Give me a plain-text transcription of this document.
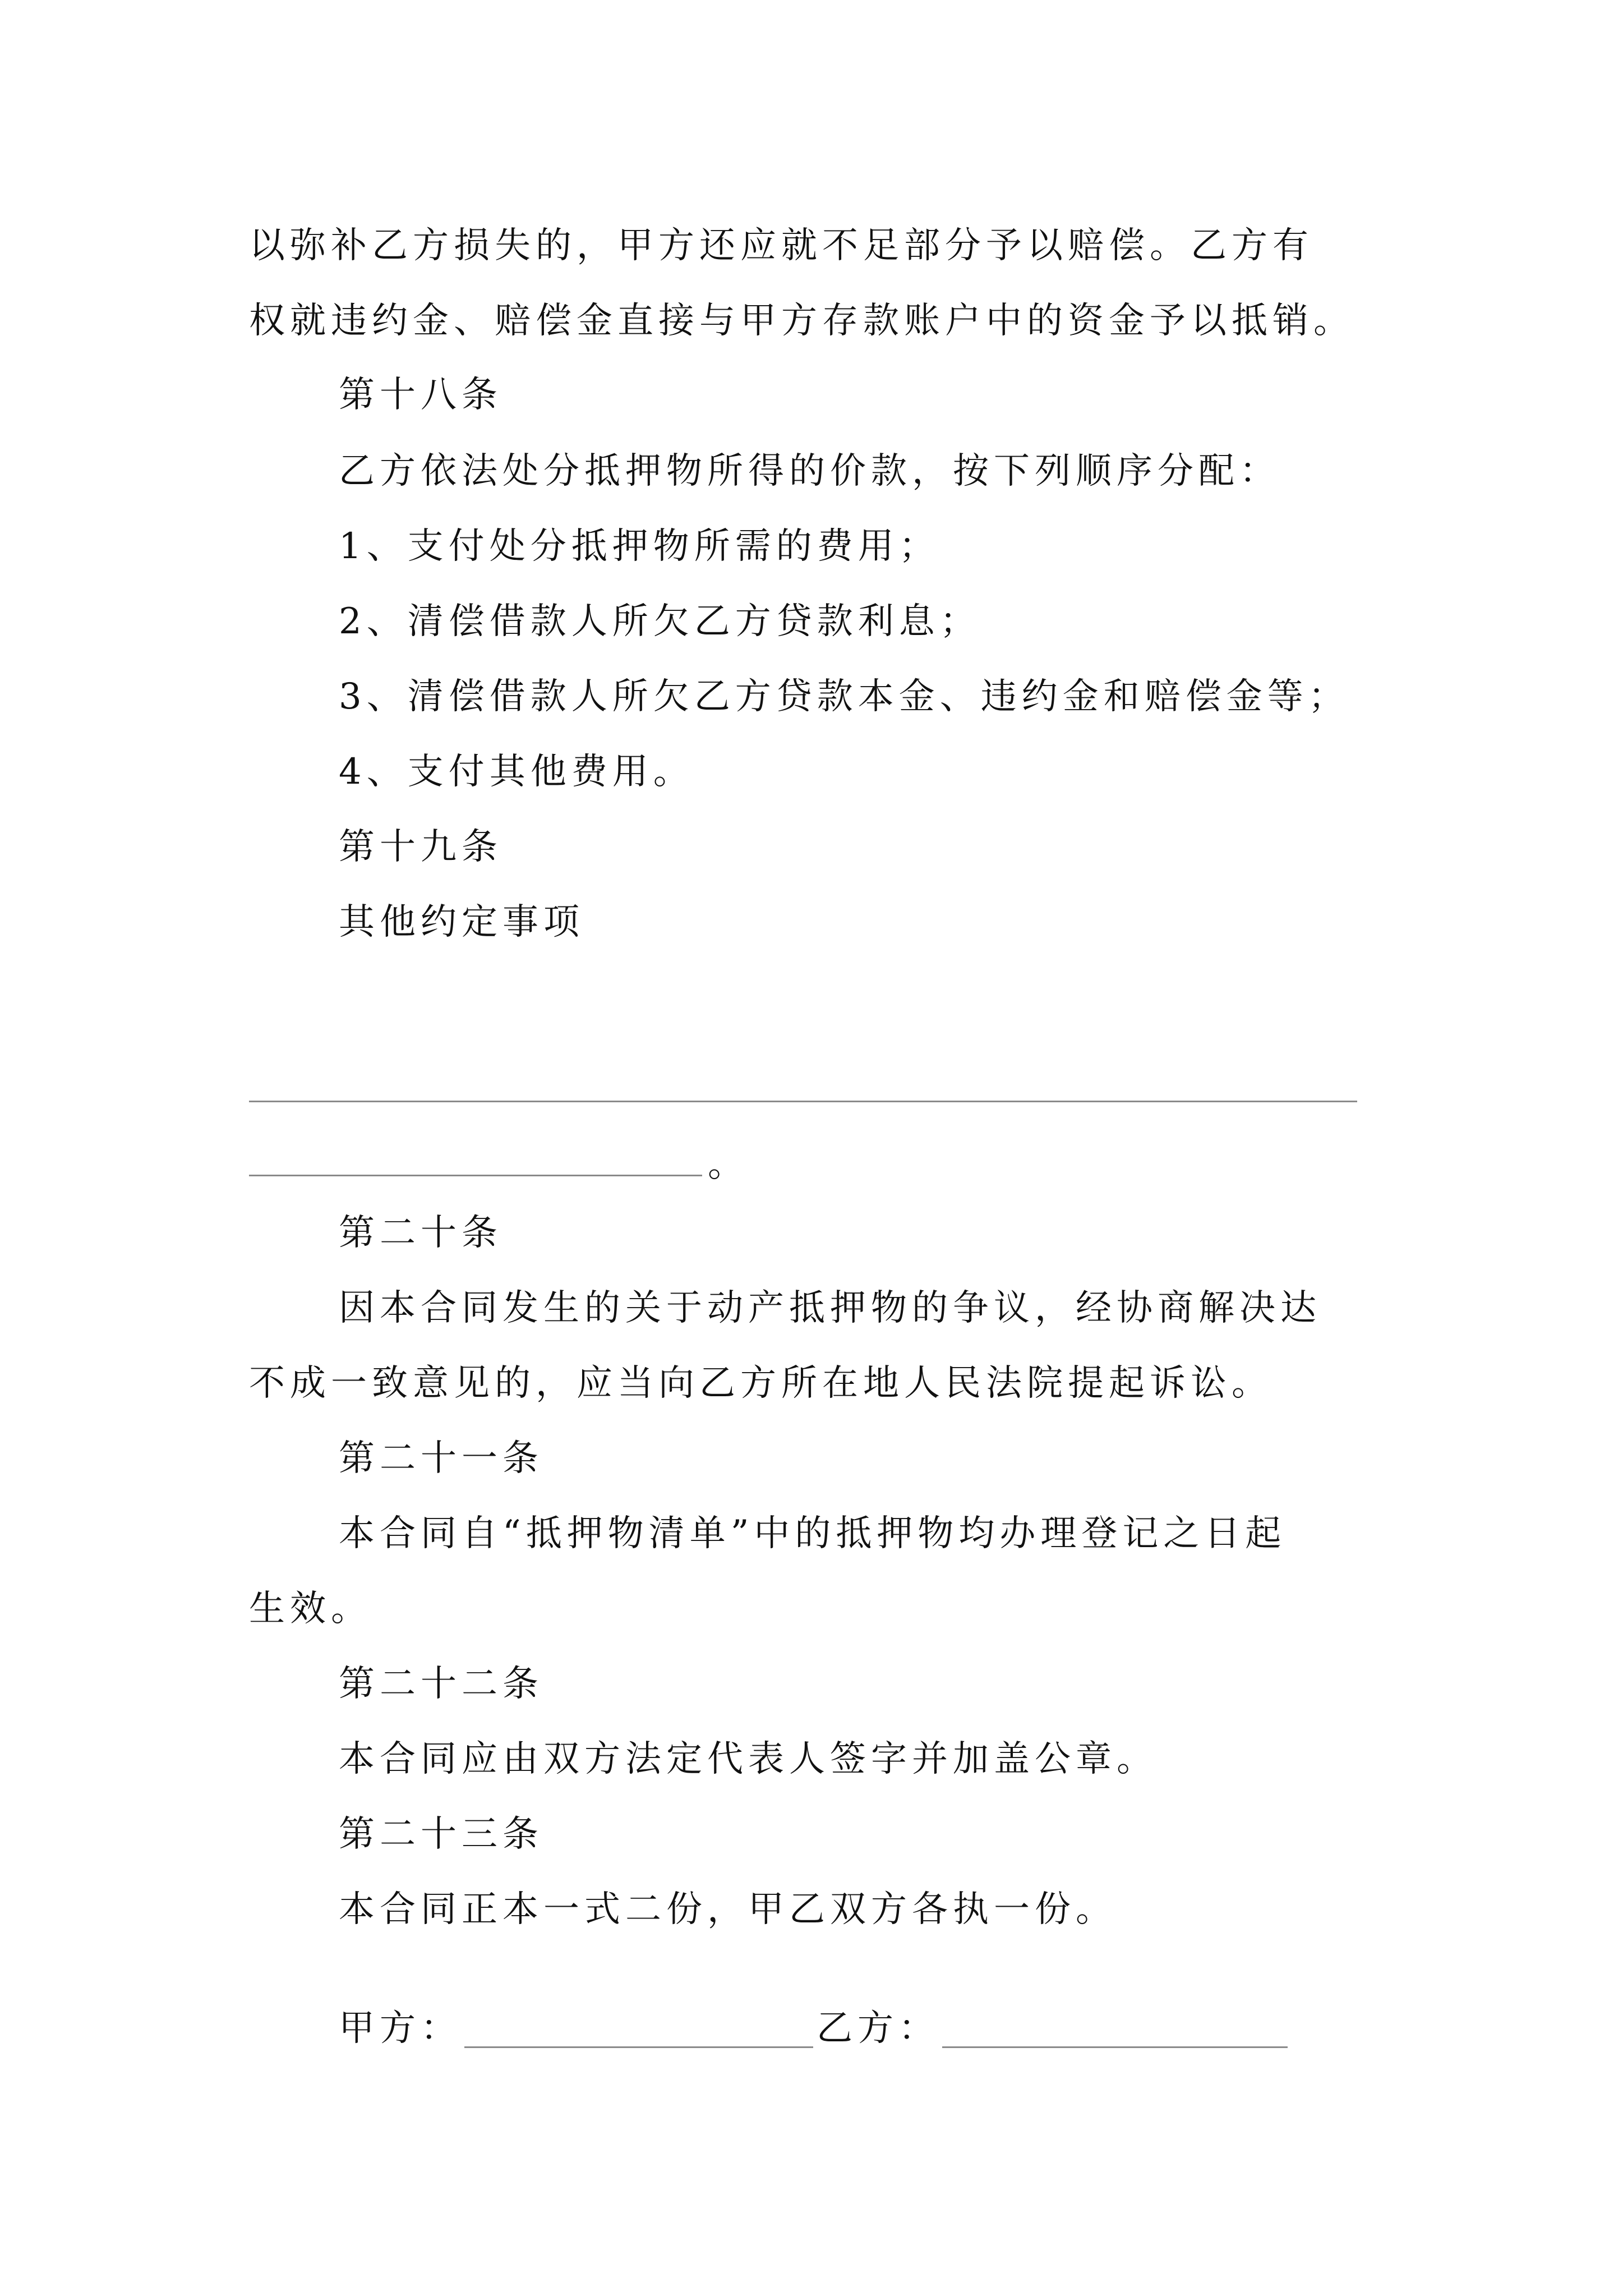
以弥补乙方损失的，甲方还应就不足部分予以赔偿。乙方有
权就违约金、赔偿金直接与甲方存款账户中的资金予以抵销。
第十八条
乙方依法处分抵押物所得的价款，按下列顺序分配：
1、支付处分抵押物所需的费用；
2、清偿借款人所欠乙方贷款利息；
3、清偿借款人所欠乙方贷款本金、违约金和赔偿金等；
4、支付其他费用。
第十九条
其他约定事项
。
第二十条
因本合同发生的关于动产抵押物的争议，经协商解决达
不成一致意见的，应当向乙方所在地人民法院提起诉讼。
第二十一条
本合同自“抵押物清单”中的抵押物均办理登记之日起
生效。
第二十二条
本合同应由双方法定代表人签字并加盖公章。
第二十三条
本合同正本一式二份，甲乙双方各执一份。
甲方：	乙方：
